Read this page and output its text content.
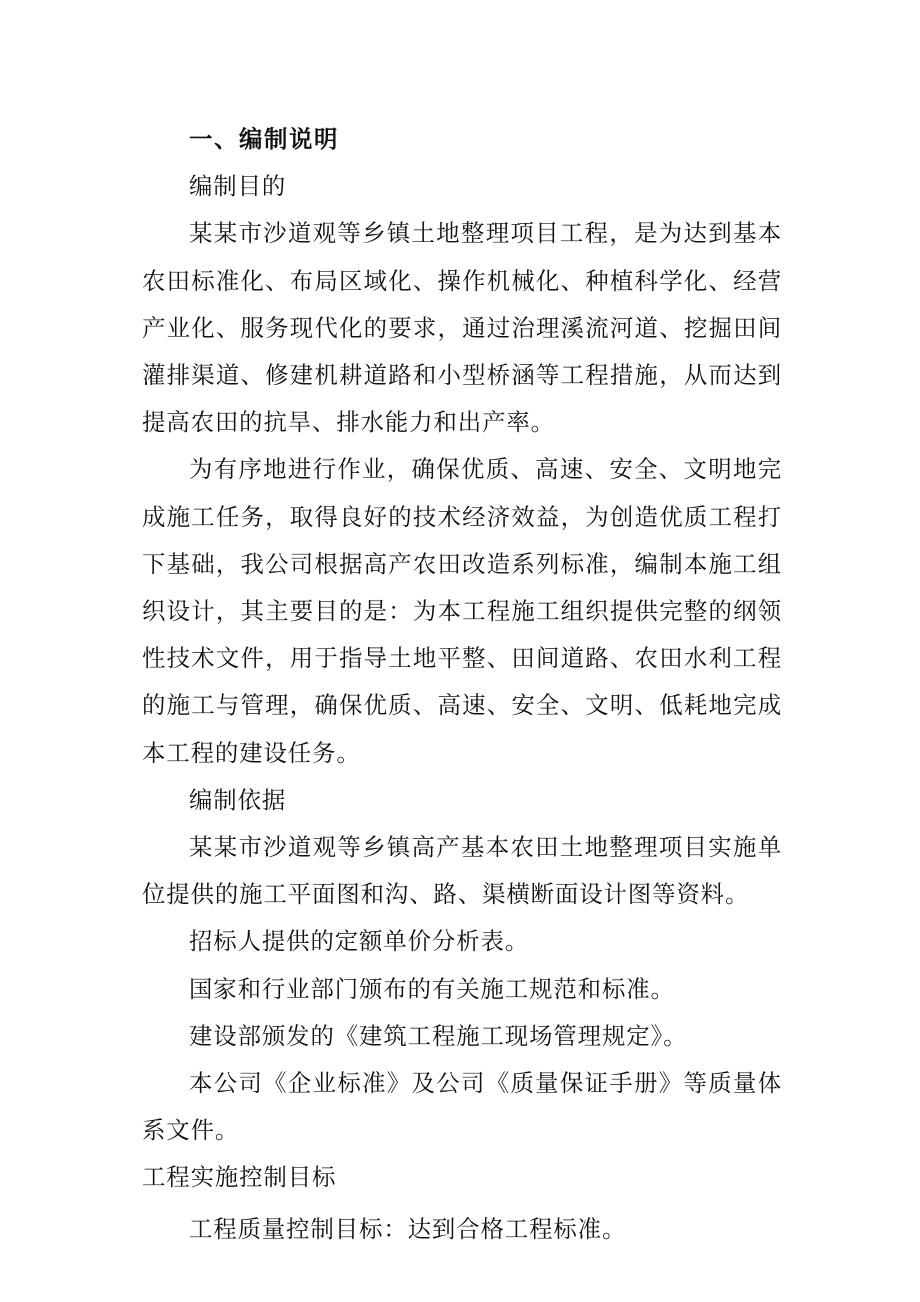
一、编制说明
编制目的

某某市沙道观等乡镇土地整理项目工程，是为达到基本农田标准化、布局区域化、操作机械化、种植科学化、经营产业化、服务现代化的要求，通过治理溪流河道、挖掘田间灌排渠道、修建机耕道路和小型桥涵等工程措施，从而达到提高农田的抗旱、排水能力和出产率。

为有序地进行作业，确保优质、高速、安全、文明地完成施工任务，取得良好的技术经济效益，为创造优质工程打下基础，我公司根据高产农田改造系列标准，编制本施工组织设计，其主要目的是：为本工程施工组织提供完整的纲领性技术文件，用于指导土地平整、田间道路、农田水利工程的施工与管理，确保优质、高速、安全、文明、低耗地完成本工程的建设任务。

编制依据

某某市沙道观等乡镇高产基本农田土地整理项目实施单位提供的施工平面图和沟、路、渠横断面设计图等资料。

招标人提供的定额单价分析表。

国家和行业部门颁布的有关施工规范和标准。

建设部颁发的《建筑工程施工现场管理规定》。

本公司《企业标准》及公司《质量保证手册》等质量体系文件。

工程实施控制目标

工程质量控制目标：达到合格工程标准。
